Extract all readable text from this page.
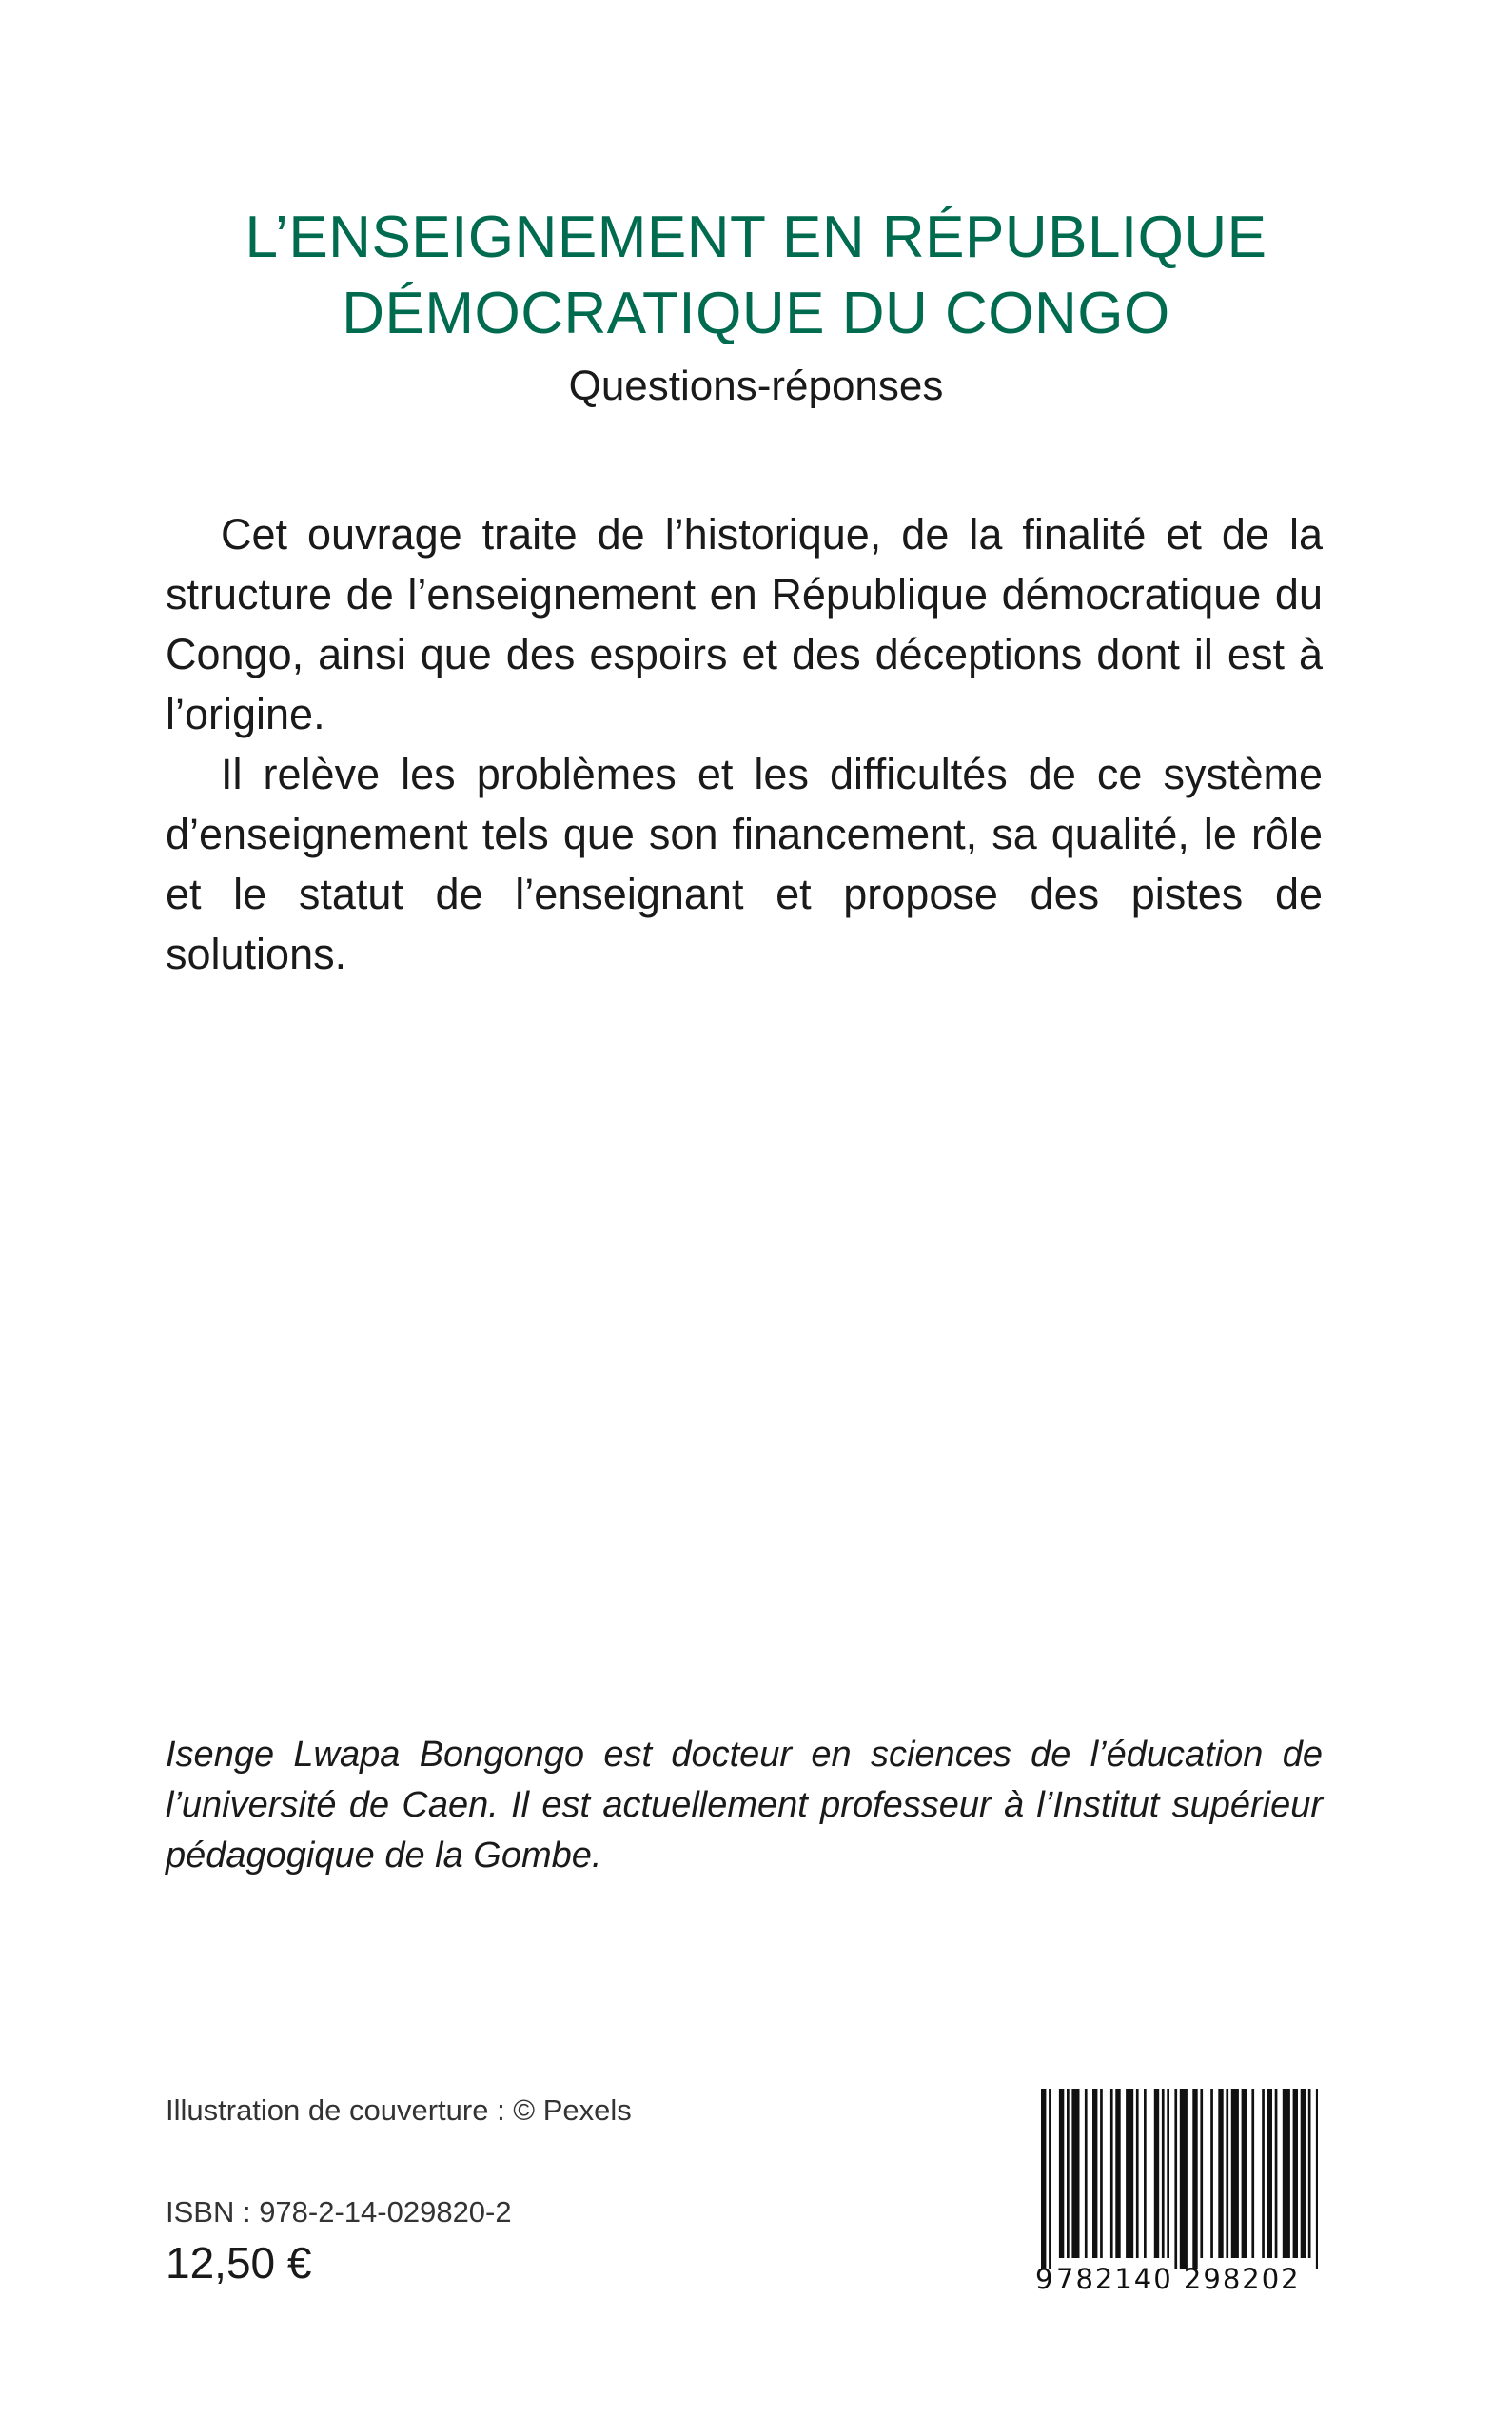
L’ENSEIGNEMENT EN RÉPUBLIQUE
DÉMOCRATIQUE DU CONGO
Questions-réponses

Cet ouvrage traite de l’historique, de la finalité et de la structure de l’enseignement en République démocratique du Congo, ainsi que des espoirs et des déceptions dont il est à l’origine.

Il relève les problèmes et les difficultés de ce système d’enseignement tels que son financement, sa qualité, le rôle et le statut de l’enseignant et propose des pistes de solutions.

Isenge Lwapa Bongongo est docteur en sciences de l’éducation de l’université de Caen. Il est actuellement professeur à l’Institut supérieur pédagogique de la Gombe.
Illustration de couverture : © Pexels
ISBN : 978-2-14-029820-2
12,50 €	9 782140 298202
